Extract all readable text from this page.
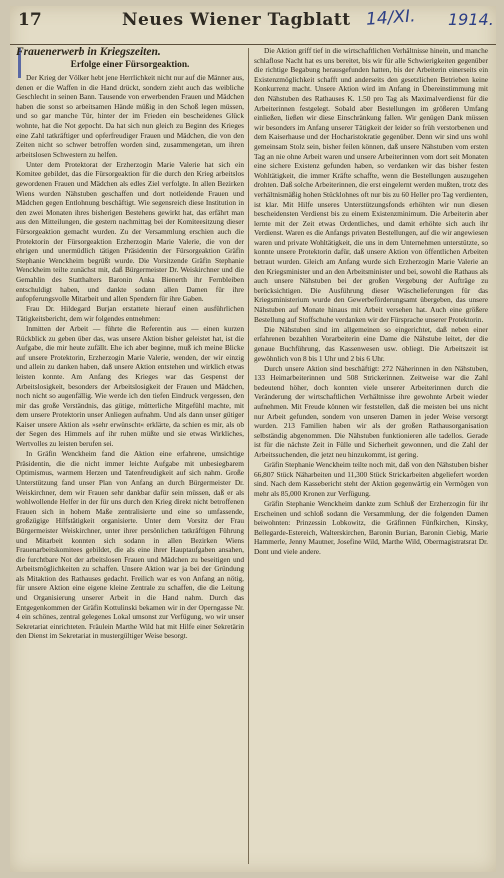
17	Neues Wiener Tagblatt 14/XI. 1914.
Frauenerwerb in Kriegszeiten.
Erfolge einer Fürsorgeaktion.

Der Krieg der Völker hebt jene Herrlichkeit nicht nur auf die Männer aus, denen er die Waffen in die Hand drückt, sondern zieht auch das weibliche Geschlecht in seinen Bann. Tausende von erwerbenden Frauen und Mädchen haben die sonst so arbeitsamen Hände müßig in den Schoß legen müssen, und so gar manche Tür, hinter der im Frieden ein bescheidenes Glück wohnte, hat die Not gepocht. Da hat sich nun gleich zu Beginn des Krieges eine Zahl tatkräftiger und opferfreudiger Frauen und Mädchen, die von den Zeiten nicht so schwer betroffen worden sind, zusammengetan, um ihren arbeitslosen Schwestern zu helfen.

Unter dem Protektorat der Erzherzogin Marie Valerie hat sich ein Komitee gebildet, das die Fürsorgeaktion für die durch den Krieg arbeitslos gewordenen Frauen und Mädchen als edles Ziel verfolgte. In allen Bezirken Wiens wurden Nähstuben geschaffen und dort notleidende Frauen und Mädchen gegen Entlohnung beschäftigt. Wie segensreich diese Institution in den zwei Monaten ihres bisherigen Bestehens gewirkt hat, das erfährt man aus den Mitteilungen, die gestern nachmittag bei der Komiteesitzung dieser Fürsorgeaktion gemacht wurden. Zu der Versammlung erschien auch die Protektorin der Fürsorgeaktion Erzherzogin Marie Valerie, die von der ehrigen und unermüdlich tätigen Präsidentin der Fürsorgeaktion Gräfin Stephanie Wenckheim begrüßt wurde. Die Vorsitzende Gräfin Stephanie Wenckheim teilte zunächst mit, daß Bürgermeister Dr. Weiskirchner und die Gemahlin des Statthalters Baronin Anka Bienerth ihr Fernbleiben entschuldigt haben, und dankte sodann allen Damen für ihre aufopferungsvolle Mitarbeit und allen Spendern für ihre Gaben.

Frau Dr. Hildegard Burjan erstattete hierauf einen ausführlichen Tätigkeitsbericht, dem wir folgendes entnehmen:

Inmitten der Arbeit — führte die Referentin aus — einen kurzen Rückblick zu geben über das, was unsere Aktion bisher geleistet hat, ist die Aufgabe, die mir heute zufällt. Ehe ich aber beginne, muß ich meine Blicke auf unsere Protektorin, Erzherzogin Marie Valerie, wenden, der wir einzig und allein zu danken haben, daß unsere Aktion entstehen und wirklich etwas leisten konnte. Am Anfang des Krieges war das Gespenst der Arbeitslosigkeit, besonders der Arbeitslosigkeit der Frauen und Mädchen, noch nicht so augenfällig. Wie werde ich den tiefen Eindruck vergessen, den mir das große Verständnis, das gütige, mütterliche Mitgefühl machte, mit dem unsere Protektorin unser Anliegen aufnahm. Und als dann unser gütiger Kaiser unsere Aktion als »sehr erwünscht« erklärte, da schien es mir, als ob der Segen des Himmels auf ihr ruhen müßte und sie etwas Wirkliches, Wertvolles zu leisten berufen sei.

In Gräfin Wenckheim fand die Aktion eine erfahrene, umsichtige Präsidentin, die die nicht immer leichte Aufgabe mit unbesiegbarem Optimismus, warmem Herzen und Tatenfreudigkeit auf sich nahm. Große Unterstützung fand unser Plan von Anfang an durch Bürgermeister Dr. Weiskirchner, dem wir Frauen sehr dankbar dafür sein müssen, daß er als wohlwollende Helfer in der für uns durch den Krieg direkt nicht betroffenen Frauen sich in hohem Maße zentralisierte und eine so umfassende, großzügige Hilfstätigkeit organisierte. Unter dem Vorsitz der Frau Bürgermeister Weiskirchner, unter ihrer persönlichen tatkräftigen Führung und Mitarbeit konnten sich sodann in allen Bezirken Wiens Frauenarbeitskomitees gebildet, die als eine ihrer Hauptaufgaben ansahen, die furchtbare Not der arbeitslosen Frauen und Mädchen zu beseitigen und Arbeitsmöglichkeiten zu schaffen. Unsere Aktion war ja bei der Gründung als Mitaktion des Rathauses gedacht. Freilich war es von Anfang an nötig, für unsere Aktion eine eigene kleine Zentrale zu schaffen, die die Leitung und Organisierung unserer Arbeit in die Hand nahm. Durch das Entgegenkommen der Gräfin Kottulinski bekamen wir in der Operngasse Nr. 4 ein schönes, zentral gelegenes Lokal umsonst zur Verfügung, wo wir unser Sekretariat einrichteten. Fräulein Marthe Wild hat mit Hilfe einer Sekretärin den Dienst im Sekretariat in mustergültiger Weise besorgt.

Die Aktion griff tief in die wirtschaftlichen Verhältnisse hinein, und manche schlaflose Nacht hat es uns bereitet, bis wir für alle Schwierigkeiten gegenüber die richtige Begabung herausgefunden hatten, bis der Arbeiterin einerseits ein Existenzmöglichkeit schafft und anderseits den gesetzlichen Betrieben keine Konkurrenz macht. Unsere Aktion wird im Anfang in Übereinstimmung mit den Nähstuben des Rathauses K. 1.50 pro Tag als Maximalverdienst für die Arbeiterinnen festgelegt. Sobald aber Bestellungen im größeren Umfang einließen, ließen wir diese Einschränkung fallen. Wir genügen Dank müssen wir besonders im Anfang unserer Tätigkeit der leider so früh verstorbenen und dem Kaiserhause und der Hocharistokratie gegenüber. Denn wir sind uns wohl gemeinsam Stolz sein, bisher feilen können, daß unsere Nähstuben vom ersten Tag an nie ohne Arbeit waren und unsere Arbeiterinnen vom dort seit Monaten eine sichere Existenz gefunden haben, so verdanken wir das bisher festen Wohltätigkeit, die immer Kräfte schaffte, wenn die Bestellungen auszugehen drohten. Daß solche Arbeiterinnen, die erst eingelernt werden mußten, trotz des verhältnismäßig hohen Stücklohnes oft nur bis zu 60 Heller pro Tag verdienten, ist klar. Mit Hilfe unseres Unterstützungsfonds erhöhten wir nun diesen bescheidensten Verdienst bis zu einem Existenzminimum. Die Arbeiterin aber lernte mit der Zeit etwas Ordentliches, und damit erhöhte sich auch ihr Verdienst. Waren es die Anfangs privaten Bestellungen, auf die wir angewiesen waren und private Wohltätigkeit, die uns in dem Unternehmen unterstützte, so konnte unsere Protektorin dafür, daß unsere Aktion von öffentlichen Arbeiten betraut wurden. Gleich am Anfang wurde sich Erzherzogin Marie Valerie an den Kriegsminister und an den Arbeitsminister und bei, sowohl die Rathaus als auch unsere Nähstuben bei der großen Vergebung der Aufträge zu berücksichtigen. Die Ausführung dieser Wäschelieferungen für das Kriegsministerium wurde den Gewerbeförderungsamt übergeben, das unsere Nähstuben auf Monate hinaus mit Arbeit versehen hat. Auch eine größere Bestellung auf Stoffschuhe verdanken wir der Fürsprache unserer Protektorin.

Die Nähstuben sind im allgemeinen so eingerichtet, daß neben einer erfahrenen bezahlten Vorarbeiterin eine Dame die Nähstube leitet, der die genaue Buchführung, das Kassenwesen usw. obliegt. Die Arbeitszeit ist gewöhnlich von 8 bis 1 Uhr und 2 bis 6 Uhr.

Durch unsere Aktion sind beschäftigt: 272 Näherinnen in den Nähstuben, 133 Heimarbeiterinnen und 508 Strickerinnen. Zeitweise war die Zahl bedeutend höher, doch konnten viele unserer Arbeiterinnen durch die Veränderung der wirtschaftlichen Verhältnisse ihre gewohnte Arbeit wieder aufnehmen. Mit Freude können wir feststellen, daß die meisten bei uns nicht nur Arbeit gefunden, sondern von unseren Damen in jeder Weise versorgt wurden. 213 Familien haben wir als der großen Rathausorganisation selbständig abgenommen. Die Nähstuben funktionieren alle tadellos. Gerade ist für die nächste Zeit in Fülle und Sicherheit gewonnen, und die Zahl der Arbeitssuchenden, die jetzt neu hinzukommt, ist gering.

Gräfin Stephanie Wenckheim teilte noch mit, daß von den Nähstuben bisher 66,807 Stück Näharbeiten und 11,300 Stück Strickarbeiten abgeliefert worden sind. Nach dem Kassebericht steht der Aktion gegenwärtig ein Vermögen von mehr als 85,000 Kronen zur Verfügung.

Gräfin Stephanie Wenckheim dankte zum Schluß der Erzherzogin für ihr Erscheinen und schloß sodann die Versammlung, der die folgenden Damen beiwohnten: Prinzessin Lobkowitz, die Gräfinnen Fünfkirchen, Kinsky, Bellegarde-Estereich, Walterskirchen, Baronin Burian, Baronin Ciebig, Marie Hammerle, Jenny Mautner, Josefine Wild, Marthe Wild, Obermagistratsrat Dr. Dont und viele andere.
